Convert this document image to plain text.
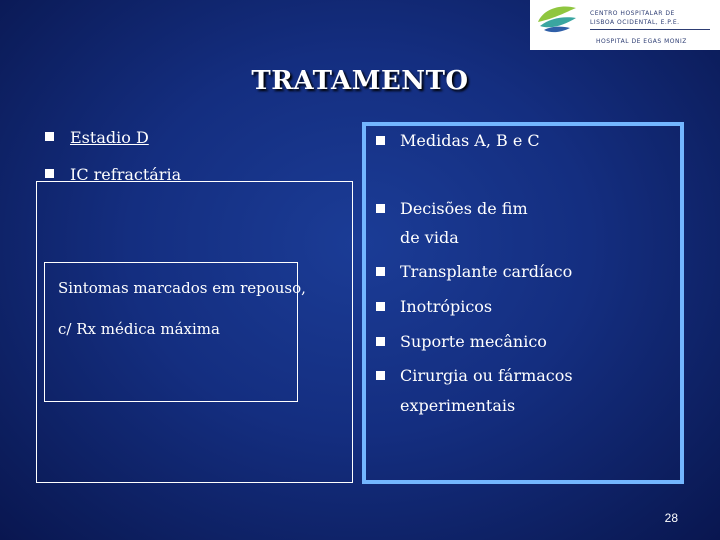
CENTRO HOSPITALAR DE
LISBOA OCIDENTAL, E.P.E.
HOSPITAL DE EGAS MONIZ
TRATAMENTO
Estadio D
IC refractária
Sintomas marcados em repouso,
c/ Rx médica máxima
Medidas A, B e C
Decisões de fim
de vida
Transplante cardíaco
Inotrópicos
Suporte mecânico
Cirurgia ou fármacos
experimentais
28
